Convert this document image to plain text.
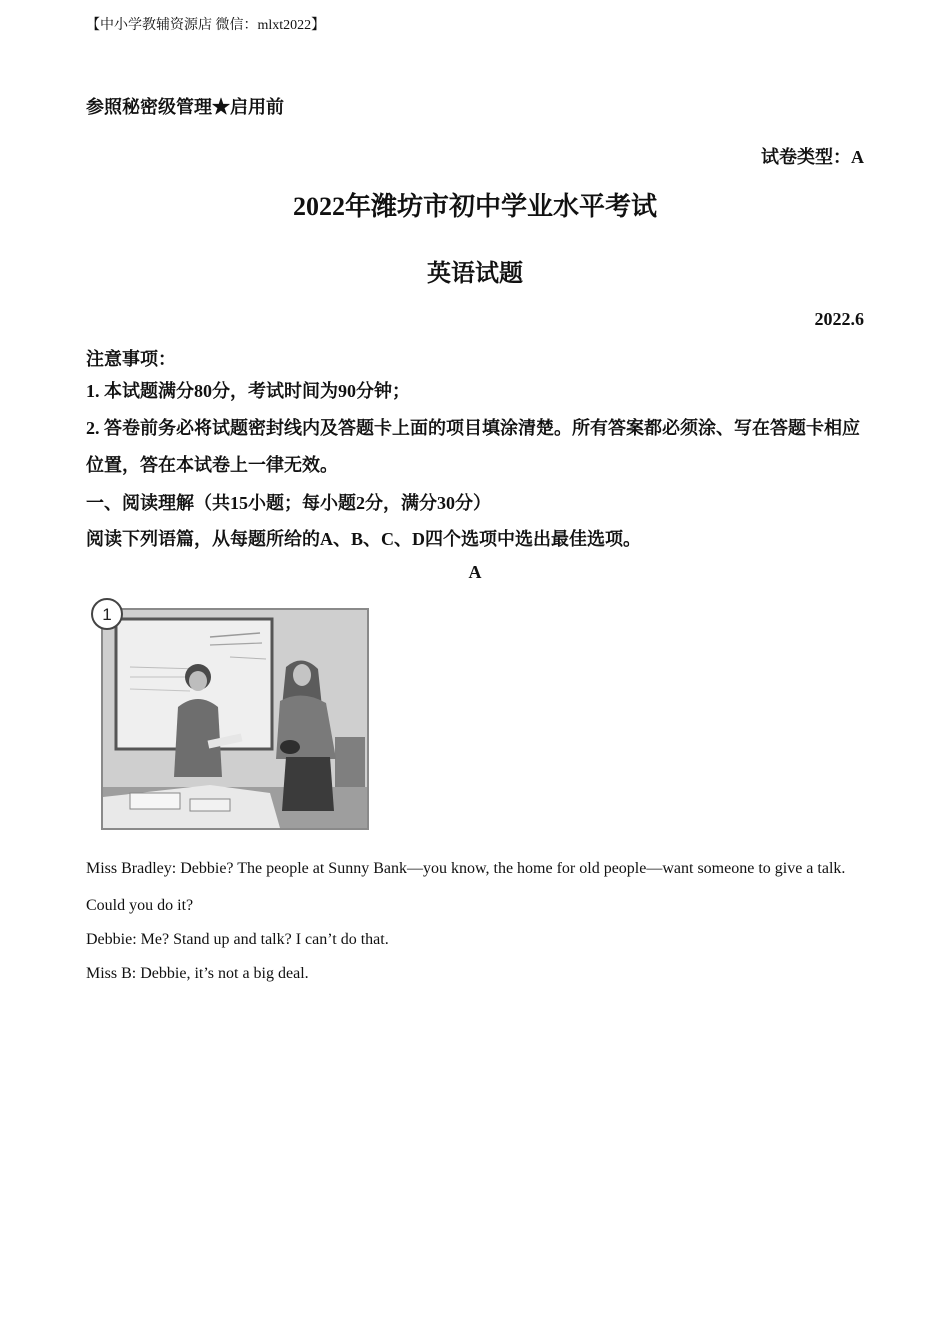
【中小学教辅资源店 微信：mlxt2022】
参照秘密级管理★启用前
试卷类型：A
2022年潍坊市初中学业水平考试
英语试题
2022.6
注意事项：
1. 本试题满分80分，考试时间为90分钟；
2. 答卷前务必将试题密封线内及答题卡上面的项目填涂清楚。所有答案都必须涂、写在答题卡相应位置，答在本试卷上一律无效。
一、阅读理解（共15小题；每小题2分，满分30分）
阅读下列语篇，从每题所给的A、B、C、D四个选项中选出最佳选项。
A
1
Miss Bradley: Debbie? The people at Sunny Bank—you know, the home for old people—want someone to give a talk. Could you do it?
Debbie: Me? Stand up and talk? I can’t do that.
Miss B: Debbie, it’s not a big deal.
